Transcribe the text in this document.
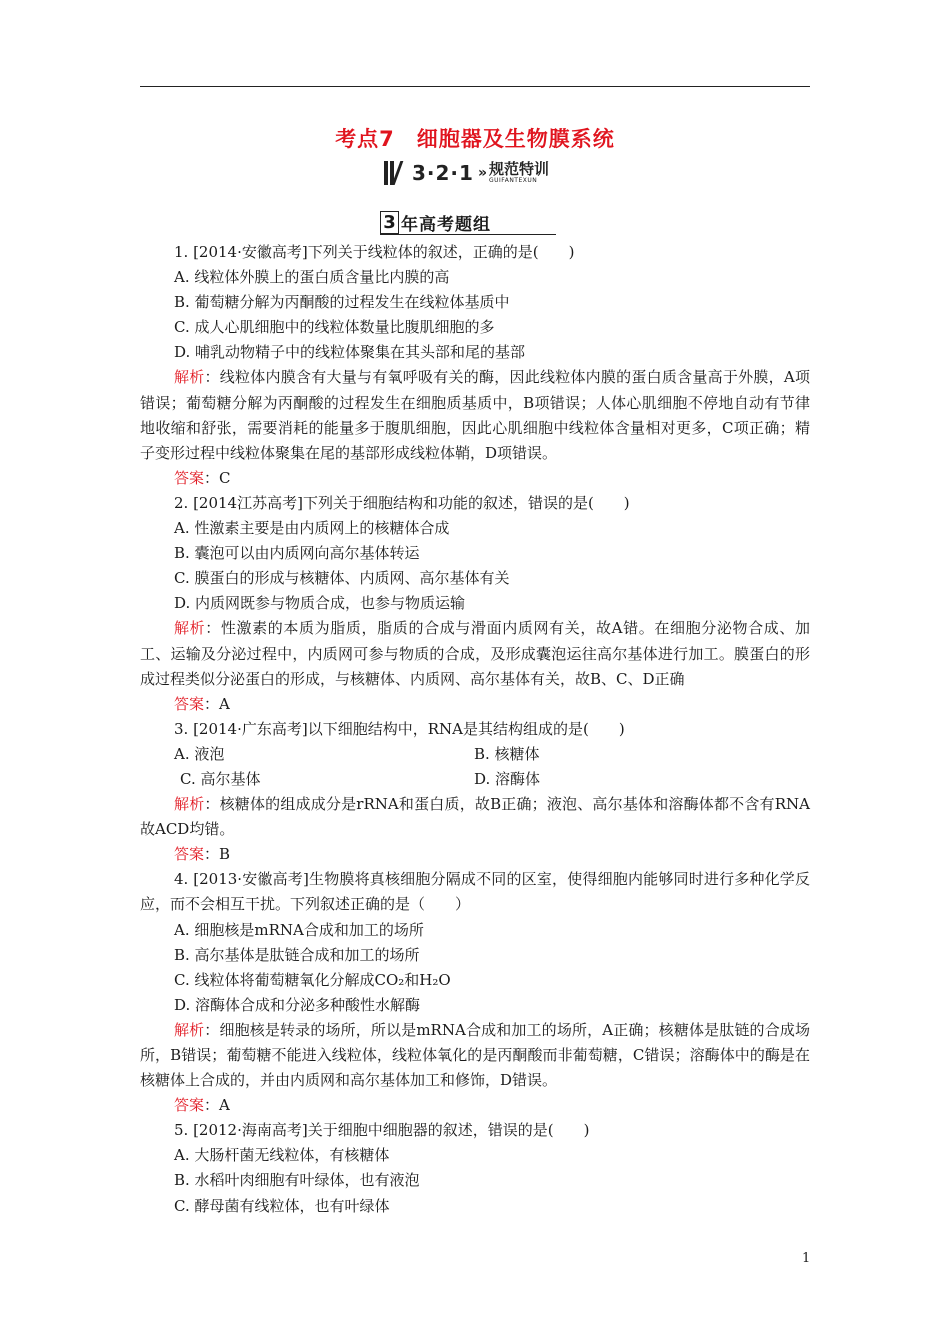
考点7　细胞器及生物膜系统
3·2·1 » 规范特训
GUIFANTEXUN
3 年高考题组
1. [2014·安徽高考]下列关于线粒体的叙述，正确的是(　　)
A. 线粒体外膜上的蛋白质含量比内膜的高
B. 葡萄糖分解为丙酮酸的过程发生在线粒体基质中
C. 成人心肌细胞中的线粒体数量比腹肌细胞的多
D. 哺乳动物精子中的线粒体聚集在其头部和尾的基部
解析：线粒体内膜含有大量与有氧呼吸有关的酶，因此线粒体内膜的蛋白质含量高于外膜，A项错误；葡萄糖分解为丙酮酸的过程发生在细胞质基质中，B项错误；人体心肌细胞不停地自动有节律地收缩和舒张，需要消耗的能量多于腹肌细胞，因此心肌细胞中线粒体含量相对更多，C项正确；精子变形过程中线粒体聚集在尾的基部形成线粒体鞘，D项错误。
答案：C
2. [2014江苏高考]下列关于细胞结构和功能的叙述，错误的是(　　)
A. 性激素主要是由内质网上的核糖体合成
B. 囊泡可以由内质网向高尔基体转运
C. 膜蛋白的形成与核糖体、内质网、高尔基体有关
D. 内质网既参与物质合成，也参与物质运输
解析：性激素的本质为脂质，脂质的合成与滑面内质网有关，故A错。在细胞分泌物合成、加工、运输及分泌过程中，内质网可参与物质的合成，及形成囊泡运往高尔基体进行加工。膜蛋白的形成过程类似分泌蛋白的形成，与核糖体、内质网、高尔基体有关，故B、C、D正确
答案：A
3. [2014·广东高考]以下细胞结构中，RNA是其结构组成的是(　　)
A. 液泡	B. 核糖体
C. 高尔基体	D. 溶酶体
解析：核糖体的组成成分是rRNA和蛋白质，故B正确；液泡、高尔基体和溶酶体都不含有RNA故ACD均错。
答案：B
4. [2013·安徽高考]生物膜将真核细胞分隔成不同的区室，使得细胞内能够同时进行多种化学反应，而不会相互干扰。下列叙述正确的是（　　）
A. 细胞核是mRNA合成和加工的场所
B. 高尔基体是肽链合成和加工的场所
C. 线粒体将葡萄糖氧化分解成CO₂和H₂O
D. 溶酶体合成和分泌多种酸性水解酶
解析：细胞核是转录的场所，所以是mRNA合成和加工的场所，A正确；核糖体是肽链的合成场所，B错误；葡萄糖不能进入线粒体，线粒体氧化的是丙酮酸而非葡萄糖，C错误；溶酶体中的酶是在核糖体上合成的，并由内质网和高尔基体加工和修饰，D错误。
答案：A
5. [2012·海南高考]关于细胞中细胞器的叙述，错误的是(　　)
A. 大肠杆菌无线粒体，有核糖体
B. 水稻叶肉细胞有叶绿体，也有液泡
C. 酵母菌有线粒体，也有叶绿体
1
